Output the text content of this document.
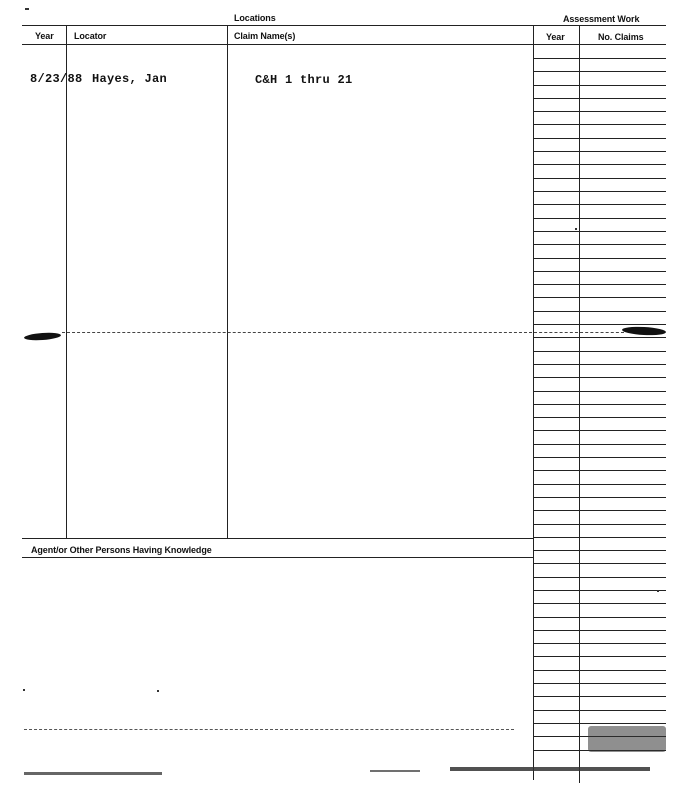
Locations	Assessment Work
Year Locator	Claim Name(s)	Year	No. Claims
Agent/or Other Persons Having Knowledge
8/23/88 Hayes, Jan	C&H 1 thru 21
